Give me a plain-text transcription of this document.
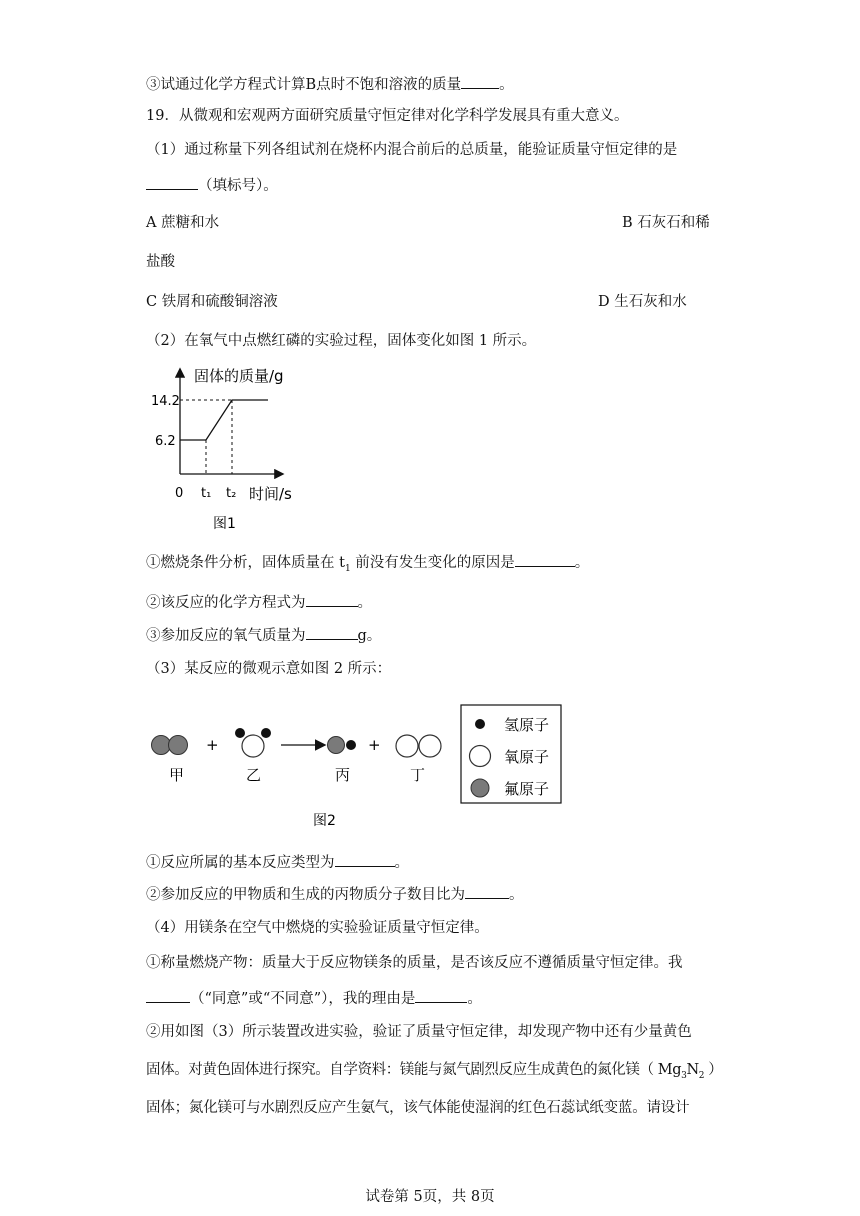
③试通过化学方程式计算B点时不饱和溶液的质量	。
19．从微观和宏观两方面研究质量守恒定律对化学科学发展具有重大意义。
（1）通过称量下列各组试剂在烧杯内混合前后的总质量，能验证质量守恒定律的是
（填标号）。
A 蔗糖和水	B 石灰石和稀
盐酸
C 铁屑和硫酸铜溶液	D 生石灰和水
（2）在氧气中点燃红磷的实验过程，固体变化如图 1 所示。
固体的质量/g
14.2
6.2
0 t₁ t₂ 时间/s
图1
①燃烧条件分析，固体质量在 $t_1$ 前没有发生变化的原因是	。
②该反应的化学方程式为	。
③参加反应的氧气质量为	g。
（3）某反应的微观示意如图 2 所示：
+	+
甲	乙	丙	丁
氢原子
氧原子
氟原子
图2
①反应所属的基本反应类型为	。
②参加反应的甲物质和生成的丙物质分子数目比为	。
（4）用镁条在空气中燃烧的实验验证质量守恒定律。
①称量燃烧产物：质量大于反应物镁条的质量，是否该反应不遵循质量守恒定律。我
（“同意”或“不同意”），我的理由是	。
②用如图（3）所示装置改进实验，验证了质量守恒定律，却发现产物中还有少量黄色
固体。对黄色固体进行探究。自学资料：镁能与氮气剧烈反应生成黄色的氮化镁（ $Mg_3N_2$ ）
固体；氮化镁可与水剧烈反应产生氨气，该气体能使湿润的红色石蕊试纸变蓝。请设计
试卷第 5页，共 8页
